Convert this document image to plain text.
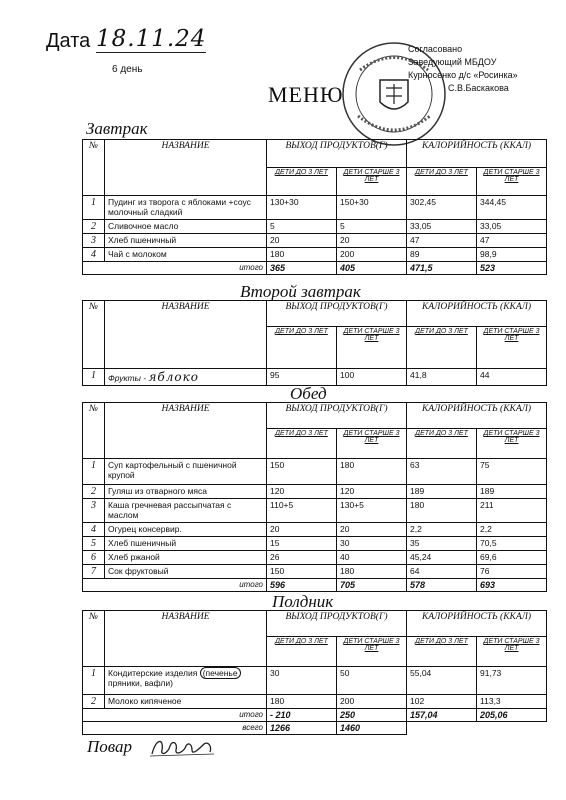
Дата 18.11.24
6 день
Согласовано
Заведующий МБДОУ
Курносенко д/с «Росинка»
С.В.Баскакова
МЕНЮ
Завтрак
№	НАЗВАНИЕ	ВЫХОД ПРОДУКТОВ(Г)		КАЛОРИЙНОСТЬ (ККАЛ)	
		ДЕТИ ДО 3 ЛЕТ	ДЕТИ СТАРШЕ 3 ЛЕТ	ДЕТИ ДО 3 ЛЕТ	ДЕТИ СТАРШЕ 3 ЛЕТ
1	Пудинг из творога с яблоками +соус молочный сладкий	130+30	150+30	302,45	344,45
2	Сливочное масло	5	5	33,05	33,05
3	Хлеб пшеничный	20	20	47	47
4	Чай с молоком	180	200	89	98,9
итого		365	405	471,5	523
Второй завтрак
№	НАЗВАНИЕ	ВЫХОД ПРОДУКТОВ(Г)		КАЛОРИЙНОСТЬ (ККАЛ)	
		ДЕТИ ДО 3 ЛЕТ	ДЕТИ СТАРШЕ 3 ЛЕТ	ДЕТИ ДО 3 ЛЕТ	ДЕТИ СТАРШЕ 3 ЛЕТ
1	Фрукты - яблоко	95	100	41,8	44
Обед
№	НАЗВАНИЕ	ВЫХОД ПРОДУКТОВ(Г)		КАЛОРИЙНОСТЬ (ККАЛ)	
		ДЕТИ ДО 3 ЛЕТ	ДЕТИ СТАРШЕ 3 ЛЕТ	ДЕТИ ДО 3 ЛЕТ	ДЕТИ СТАРШЕ 3 ЛЕТ
1	Суп картофельный с пшеничной крупой	150	180	63	75
2	Гуляш из отварного мяса	120	120	189	189
3	Каша гречневая рассыпчатая с маслом	110+5	130+5	180	211
4	Огурец консервир.	20	20	2,2	2,2
5	Хлеб пшеничный	15	30	35	70,5
6	Хлеб ржаной	26	40	45,24	69,6
7	Сок фруктовый	150	180	64	76
итого		596	705	578	693
Полдник
№	НАЗВАНИЕ	ВЫХОД ПРОДУКТОВ(Г)		КАЛОРИЙНОСТЬ (ККАЛ)	
		ДЕТИ ДО 3 ЛЕТ	ДЕТИ СТАРШЕ 3 ЛЕТ	ДЕТИ ДО 3 ЛЕТ	ДЕТИ СТАРШЕ 3 ЛЕТ
1	Кондитерские изделия (печенье пряники, вафли)	30	50	55,04	91,73
2	Молоко кипяченое	180	200	102	113,3
итого		- 210	250	157,04	205,06
всего		1266	1460		
Повар
